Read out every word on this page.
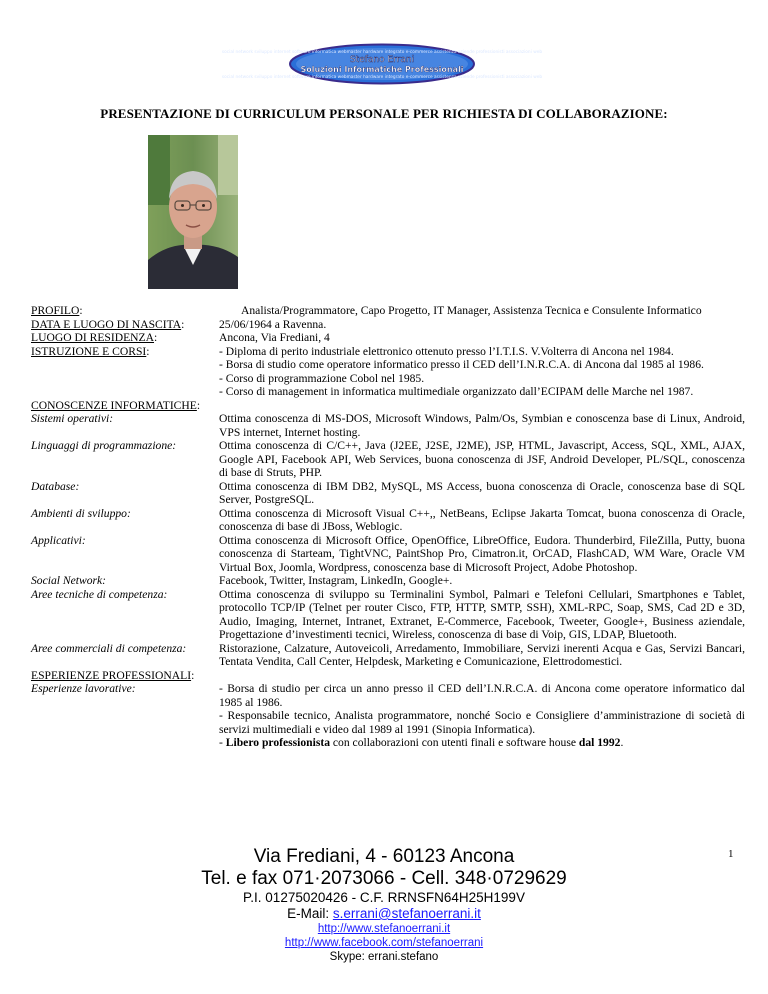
social network sviluppo internet software informatica webmaster hardware integrato e-commerce assistenza aziende professionisti associazioni web
social network sviluppo internet software informatica webmaster hardware integrato e-commerce assistenza aziende professionisti associazioni web
Stefano Errani
Soluzioni Informatiche Professionali
PRESENTAZIONE DI CURRICULUM PERSONALE PER RICHIESTA DI COLLABORAZIONE:
PROFILO:	Analista/Programmatore, Capo Progetto, IT Manager, Assistenza Tecnica e Consulente Informatico
DATA E LUOGO DI NASCITA:	25/06/1964 a Ravenna.
LUOGO DI RESIDENZA:	Ancona, Via Frediani, 4
ISTRUZIONE E CORSI:	- Diploma di perito industriale elettronico ottenuto presso l’I.T.I.S. V.Volterra di Ancona nel 1984.
- Borsa di studio come operatore informatico presso il CED dell’I.N.R.C.A. di Ancona dal 1985 al 1986.
- Corso di programmazione Cobol nel 1985.
- Corso di management in informatica multimediale organizzato dall’ECIPAM delle Marche nel 1987.
CONOSCENZE INFORMATICHE:
Sistemi operativi:	Ottima conoscenza di MS-DOS, Microsoft Windows, Palm/Os, Symbian e conoscenza base di Linux, Android, VPS internet, Internet hosting.
Linguaggi di programmazione:	Ottima conoscenza di C/C++, Java (J2EE, J2SE, J2ME), JSP, HTML, Javascript, Access, SQL, XML, AJAX, Google API, Facebook API, Web Services, buona conoscenza di JSF, Android Developer, PL/SQL, conoscenza di base di Struts, PHP.
Database:	Ottima conoscenza di IBM DB2, MySQL, MS Access, buona conoscenza di Oracle, conoscenza base di SQL Server, PostgreSQL.
Ambienti di sviluppo:	Ottima conoscenza di Microsoft Visual C++,, NetBeans, Eclipse Jakarta Tomcat, buona conoscenza di Oracle, conoscenza di base di JBoss, Weblogic.
Applicativi:	Ottima conoscenza di Microsoft Office, OpenOffice, LibreOffice, Eudora. Thunderbird, FileZilla, Putty, buona conoscenza di Starteam, TightVNC, PaintShop Pro, Cimatron.it, OrCAD, FlashCAD, WM Ware, Oracle VM Virtual Box, Joomla, Wordpress, conoscenza base di Microsoft Project, Adobe Photoshop.
Social Network:	Facebook, Twitter, Instagram, LinkedIn, Google+.
Aree tecniche di competenza:	Ottima conoscenza di sviluppo su Terminalini Symbol, Palmari e Telefoni Cellulari, Smartphones e Tablet, protocollo TCP/IP (Telnet per router Cisco, FTP, HTTP, SMTP, SSH), XML-RPC, Soap, SMS, Cad 2D e 3D, Audio, Imaging, Internet, Intranet, Extranet, E-Commerce, Facebook, Tweeter, Google+, Business aziendale, Progettazione d’investimenti tecnici, Wireless, conoscenza di base di Voip, GIS, LDAP, Bluetooth.
Aree commerciali di competenza:	Ristorazione, Calzature, Autoveicoli, Arredamento, Immobiliare, Servizi inerenti Acqua e Gas, Servizi Bancari, Tentata Vendita, Call Center, Helpdesk, Marketing e Comunicazione, Elettrodomestici.
ESPERIENZE PROFESSIONALI:
Esperienze lavorative:	- Borsa di studio per circa un anno presso il CED dell’I.N.R.C.A. di Ancona come operatore informatico dal 1985 al 1986.
- Responsabile tecnico, Analista programmatore, nonché Socio e Consigliere d’amministrazione di società di servizi multimediali e video dal 1989 al 1991 (Sinopia Informatica).
- Libero professionista con collaborazioni con utenti finali e software house dal 1992.
1
Via Frediani, 4 - 60123 Ancona
Tel. e fax 071·2073066 - Cell. 348·0729629
P.I. 01275020426 - C.F. RRNSFN64H25H199V
E-Mail: s.errani@stefanoerrani.it
http://www.stefanoerrani.it
http://www.facebook.com/stefanoerrani
Skype: errani.stefano
